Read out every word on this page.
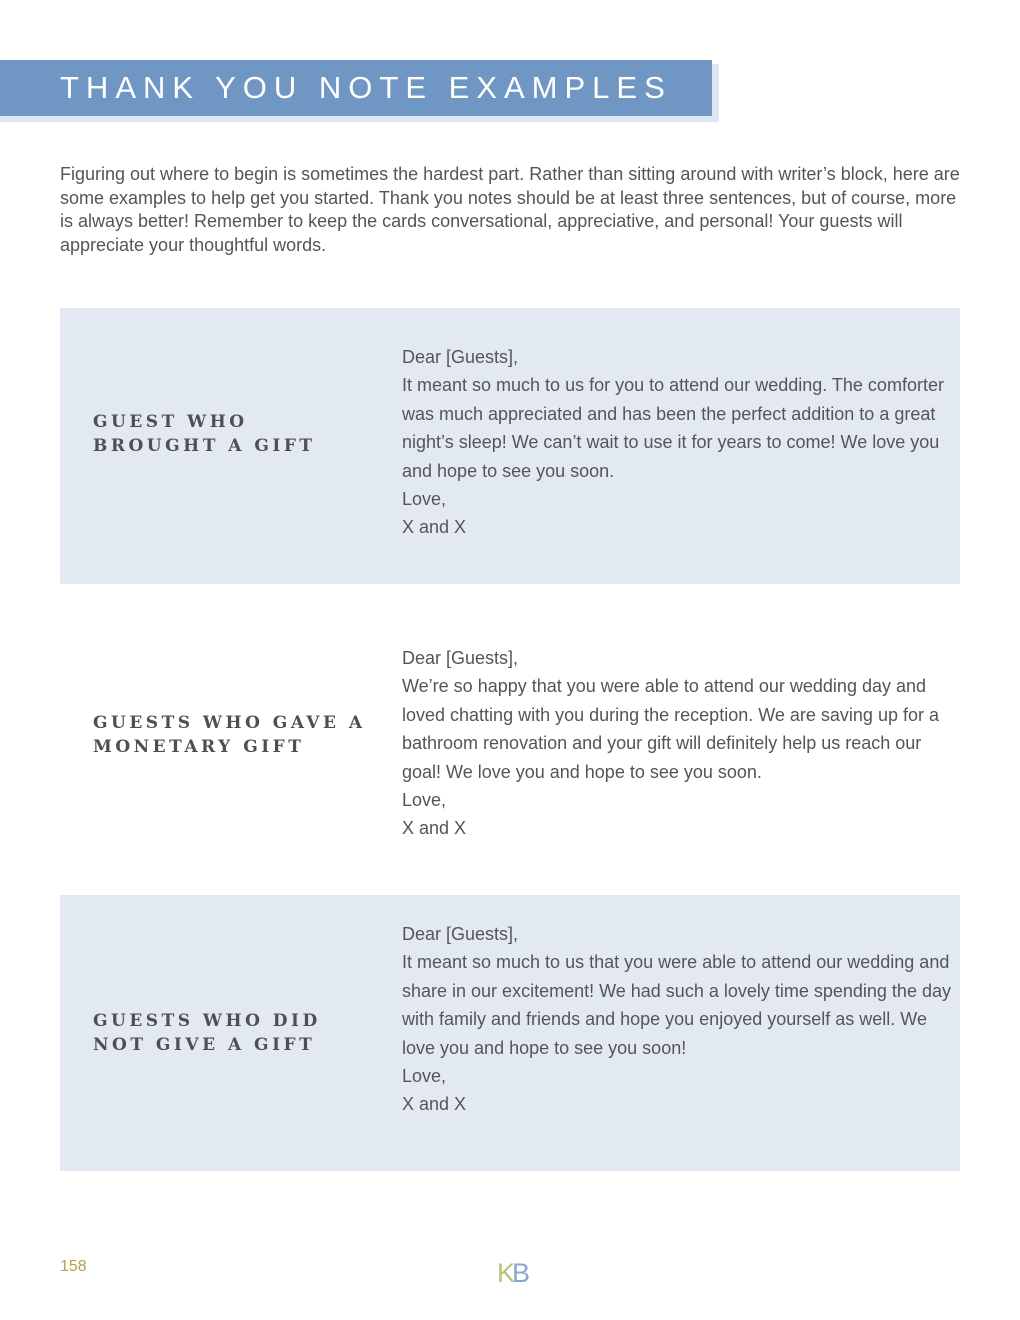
THANK YOU NOTE EXAMPLES

Figuring out where to begin is sometimes the hardest part. Rather than sitting around with writer’s block, here are some examples to help get you started. Thank you notes should be at least three sentences, but of course, more is always better! Remember to keep the cards conversational, appreciative, and personal! Your guests will appreciate your thoughtful words.

GUEST WHO
BROUGHT A GIFT
Dear [Guests],
It meant so much to us for you to attend our wedding. The comforter was much appreciated and has been the perfect addition to a great night’s sleep! We can’t wait to use it for years to come! We love you and hope to see you soon.
Love,
X and X
GUESTS WHO GAVE A
MONETARY GIFT
Dear [Guests],
We’re so happy that you were able to attend our wedding day and loved chatting with you during the reception. We are saving up for a bathroom renovation and your gift will definitely help us reach our goal! We love you and hope to see you soon.
Love,
X and X
GUESTS WHO DID
NOT GIVE A GIFT
Dear [Guests],
It meant so much to us that you were able to attend our wedding and share in our excitement! We had such a lovely time spending the day with family and friends and hope you enjoyed yourself as well. We love you and hope to see you soon!
Love,
X and X
158	KB
